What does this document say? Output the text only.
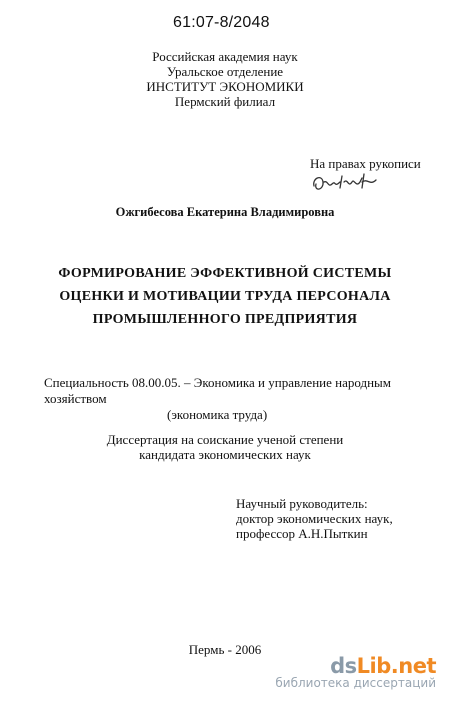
61:07-8/2048
Российская академия наук
Уральское отделение
ИНСТИТУТ ЭКОНОМИКИ
Пермский филиал
На правах рукописи
Ожгибесова Екатерина Владимировна
ФОРМИРОВАНИЕ ЭФФЕКТИВНОЙ СИСТЕМЫ
ОЦЕНКИ И МОТИВАЦИИ ТРУДА ПЕРСОНАЛА
ПРОМЫШЛЕННОГО ПРЕДПРИЯТИЯ
Специальность 08.00.05. – Экономика и управление народным хозяйством
(экономика труда)
Диссертация на соискание ученой степени
кандидата экономических наук
Научный руководитель:
доктор экономических наук,
профессор А.Н.Пыткин
Пермь - 2006
dsLib.net
библиотека диссертаций
